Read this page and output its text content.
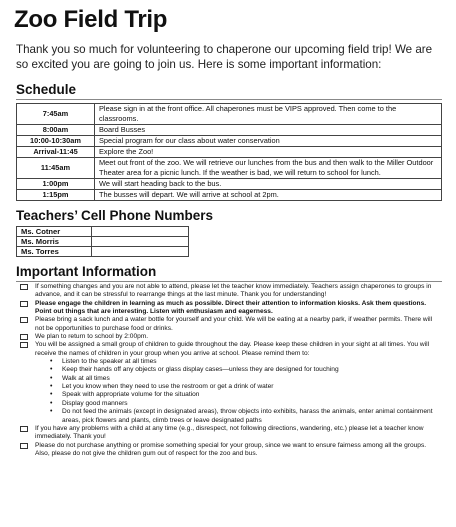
Zoo Field Trip
Thank you so much for volunteering to chaperone our upcoming field trip! We are so excited you are going to join us. Here is some important information:
Schedule
7:45am	Please sign in at the front office. All chaperones must be VIPS approved. Then come to the classrooms.
8:00am	Board Busses
10:00-10:30am	Special program for our class about water conservation
Arrival-11:45	Explore the Zoo!
11:45am	Meet out front of the zoo. We will retrieve our lunches from the bus and then walk to the Miller Outdoor Theater area for a picnic lunch. If the weather is bad, we will return to school for lunch.
1:00pm	We will start heading back to the bus.
1:15pm	The busses will depart. We will arrive at school at 2pm.
Teachers’ Cell Phone Numbers
Ms. Cotner	
Ms. Morris	
Ms. Torres	
Important Information
If something changes and you are not able to attend, please let the teacher know immediately. Teachers assign chaperones to groups in advance, and it can be stressful to rearrange things at the last minute. Thank you for understanding!
Please engage the children in learning as much as possible. Direct their attention to information kiosks. Ask them questions. Point out things that are interesting. Listen with enthusiasm and eagerness.
Please bring a sack lunch and a water bottle for yourself and your child. We will be eating at a nearby park, if weather permits. There will not be opportunities to purchase food or drinks.
We plan to return to school by 2:00pm.
You will be assigned a small group of children to guide throughout the day. Please keep these children in your sight at all times. You will receive the names of children in your group when you arrive at school. Please remind them to:
•	Listen to the speaker at all times
•	Keep their hands off any objects or glass display cases—unless they are designed for touching
•	Walk at all times
•	Let you know when they need to use the restroom or get a drink of water
•	Speak with appropriate volume for the situation
•	Display good manners
•	Do not feed the animals (except in designated areas), throw objects into exhibits, harass the animals, enter animal containment areas, pick flowers and plants, climb trees or leave designated paths
If you have any problems with a child at any time (e.g., disrespect, not following directions, wandering, etc.) please let a teacher know immediately. Thank you!
Please do not purchase anything or promise something special for your group, since we want to ensure fairness among all the groups. Also, please do not give the children gum out of respect for the zoo and bus.
